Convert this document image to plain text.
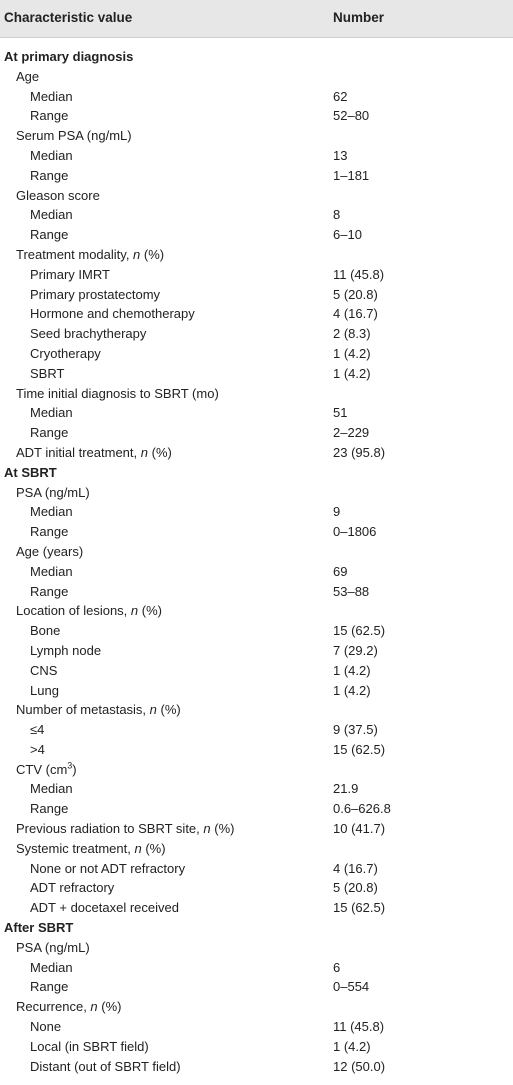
Characteristic value	Number
At primary diagnosis
Age
Median	62
Range	52–80
Serum PSA (ng/mL)
Median	13
Range	1–181
Gleason score
Median	8
Range	6–10
Treatment modality, n (%)
Primary IMRT	11 (45.8)
Primary prostatectomy	5 (20.8)
Hormone and chemotherapy	4 (16.7)
Seed brachytherapy	2 (8.3)
Cryotherapy	1 (4.2)
SBRT	1 (4.2)
Time initial diagnosis to SBRT (mo)
Median	51
Range	2–229
ADT initial treatment, n (%)	23 (95.8)
At SBRT
PSA (ng/mL)
Median	9
Range	0–1806
Age (years)
Median	69
Range	53–88
Location of lesions, n (%)
Bone	15 (62.5)
Lymph node	7 (29.2)
CNS	1 (4.2)
Lung	1 (4.2)
Number of metastasis, n (%)
≤4	9 (37.5)
>4	15 (62.5)
CTV $(cm^3)$
Median	21.9
Range	0.6–626.8
Previous radiation to SBRT site, n (%)	10 (41.7)
Systemic treatment, n (%)
None or not ADT refractory	4 (16.7)
ADT refractory	5 (20.8)
ADT + docetaxel received	15 (62.5)
After SBRT
PSA (ng/mL)
Median	6
Range	0–554
Recurrence, n (%)
None	11 (45.8)
Local (in SBRT field)	1 (4.2)
Distant (out of SBRT field)	12 (50.0)
